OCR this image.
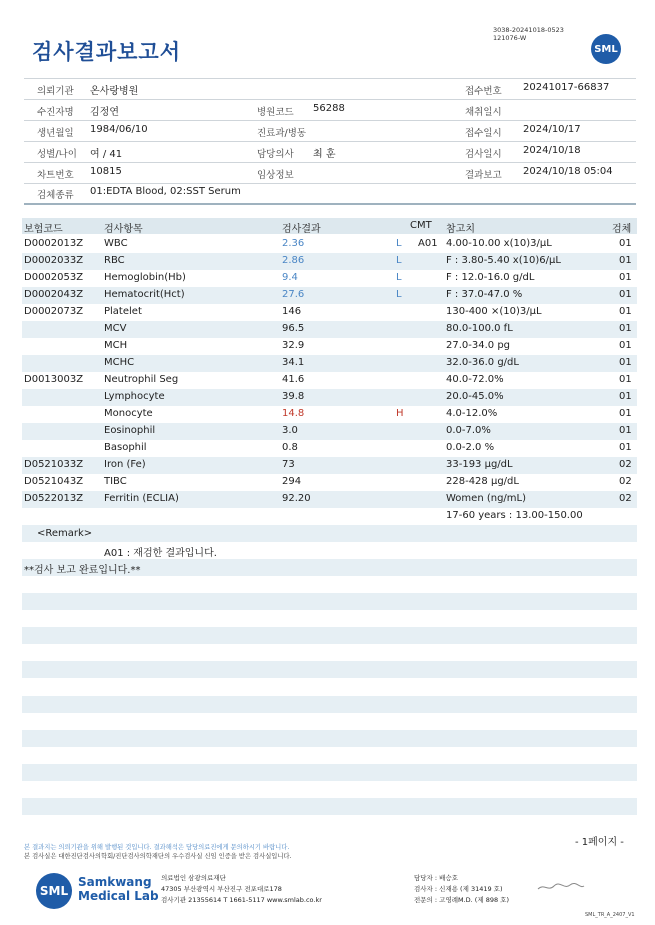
검사결과보고서
3038-20241018-0523
121076-W
SML
의뢰기관 온사랑병원	접수번호 20241017-66837
수진자명 김정연	병원코드 56288	채취일시
생년월일 1984/06/10	진료과/병동	접수일시 2024/10/17
성별/나이 여 / 41	담당의사 최 훈	검사일시 2024/10/18
차트번호 10815	임상정보	결과보고 2024/10/18 05:04
검체종류 01:EDTA Blood, 02:SST Serum
보험코드	검사항목	검사결과	CMT 참고치	검체
D0002013Z WBC	2.36	L A01 4.00-10.00 x(10)3/μL	01
D0002033Z RBC	2.86	L	F : 3.80-5.40 x(10)6/μL	01
D0002053Z Hemoglobin(Hb)	9.4	L	F : 12.0-16.0 g/dL	01
D0002043Z Hematocrit(Hct)	27.6	L	F : 37.0-47.0 %	01
D0002073Z Platelet	146	130-400 ×(10)3/μL	01
MCV	96.5	80.0-100.0 fL	01
MCH	32.9	27.0-34.0 pg	01
MCHC	34.1	32.0-36.0 g/dL	01
D0013003Z Neutrophil Seg	41.6	40.0-72.0%	01
Lymphocyte	39.8	20.0-45.0%	01
Monocyte	14.8	H	4.0-12.0%	01
Eosinophil	3.0	0.0-7.0%	01
Basophil	0.8	0.0-2.0 %	01
D0521033Z Iron (Fe)	73	33-193 μg/dL	02
D0521043Z TIBC	294	228-428 μg/dL	02
D0522013Z Ferritin (ECLIA)	92.20	Women (ng/mL)	02
17-60 years : 13.00-150.00
<Remark>
A01 : 재검한 결과입니다.
**검사 보고 완료입니다.**
본 결과지는 의뢰기관을 위해 발행된 것입니다. 결과해석은 담당의료진에게 문의하시기 바랍니다.
본 검사실은 대한진단검사의학회/진단검사의학재단의 우수검사실 신임 인증을 받은 검사실입니다.
- 1페이지 -
SML
Samkwang
Medical Lab
의료법인 삼광의료재단
47305 부산광역시 부산진구 전포대로178
검사기관 21355614 T 1661-5117 www.smlab.co.kr
담당자 : 배승호
검사자 : 신재용 (제 31419 호)
전문의 : 고영례M.D. (제 898 호)
SML_TR_A_2407_V1
